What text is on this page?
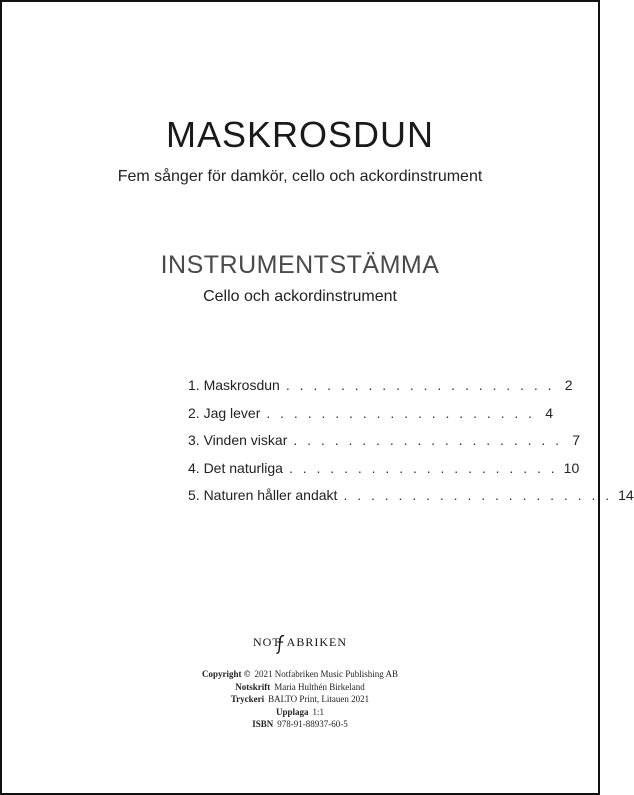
MASKROSDUN
Fem sånger för damkör, cello och ackordinstrument
INSTRUMENTSTÄMMA
Cello och ackordinstrument
1. Maskrosdun . . . . . . . . . . . . . . . . . . . . 2
2. Jag lever . . . . . . . . . . . . . . . . . . . . 4
3. Vinden viskar . . . . . . . . . . . . . . . . . . . . 7
4. Det naturliga . . . . . . . . . . . . . . . . . . . . 10
5. Naturen håller andakt . . . . . . . . . . . . . . . . . . . . 14
NOT ABRIKEN
Copyright © 2021 Notfabriken Music Publishing AB
Notskrift Maria Hulthén Birkeland
Tryckeri BALTO Print, Litauen 2021
Upplaga 1:1
ISBN 978-91-88937-60-5
